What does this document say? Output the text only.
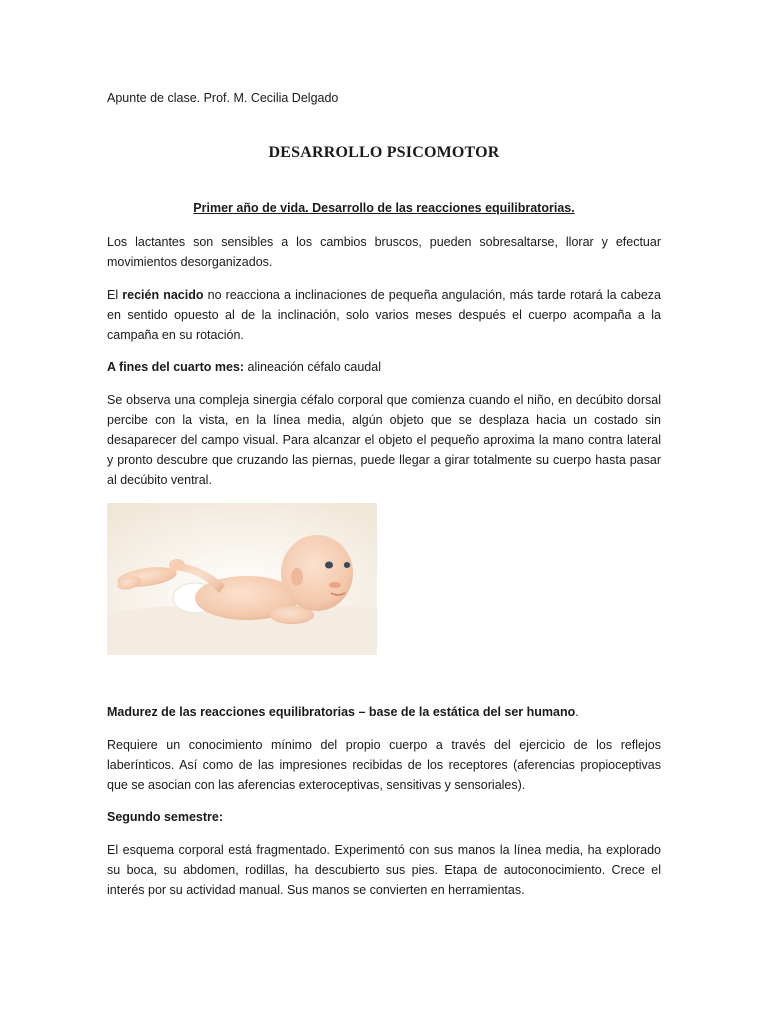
Apunte de clase. Prof. M. Cecilia Delgado
DESARROLLO PSICOMOTOR
Primer año de vida. Desarrollo de las reacciones equilibratorias.

Los lactantes son sensibles a los cambios bruscos, pueden sobresaltarse, llorar y efectuar movimientos desorganizados.

El recién nacido no reacciona a inclinaciones de pequeña angulación, más tarde rotará la cabeza en sentido opuesto al de la inclinación, solo varios meses después el cuerpo acompaña a la campaña en su rotación.

A fines del cuarto mes: alineación céfalo caudal

Se observa una compleja sinergia céfalo corporal que comienza cuando el niño, en decúbito dorsal percibe con la vista, en la línea media, algún objeto que se desplaza hacia un costado sin desaparecer del campo visual. Para alcanzar el objeto el pequeño aproxima la mano contra lateral y pronto descubre que cruzando las piernas, puede llegar a girar totalmente su cuerpo hasta pasar al decúbito ventral.

Madurez de las reacciones equilibratorias – base de la estática del ser humano.

Requiere un conocimiento mínimo del propio cuerpo a través del ejercicio de los reflejos laberínticos. Así como de las impresiones recibidas de los receptores (aferencias propioceptivas que se asocian con las aferencias exteroceptivas, sensitivas y sensoriales).

Segundo semestre:

El esquema corporal está fragmentado. Experimentó con sus manos la línea media, ha explorado su boca, su abdomen, rodillas, ha descubierto sus pies. Etapa de autoconocimiento. Crece el interés por su actividad manual. Sus manos se convierten en herramientas.
